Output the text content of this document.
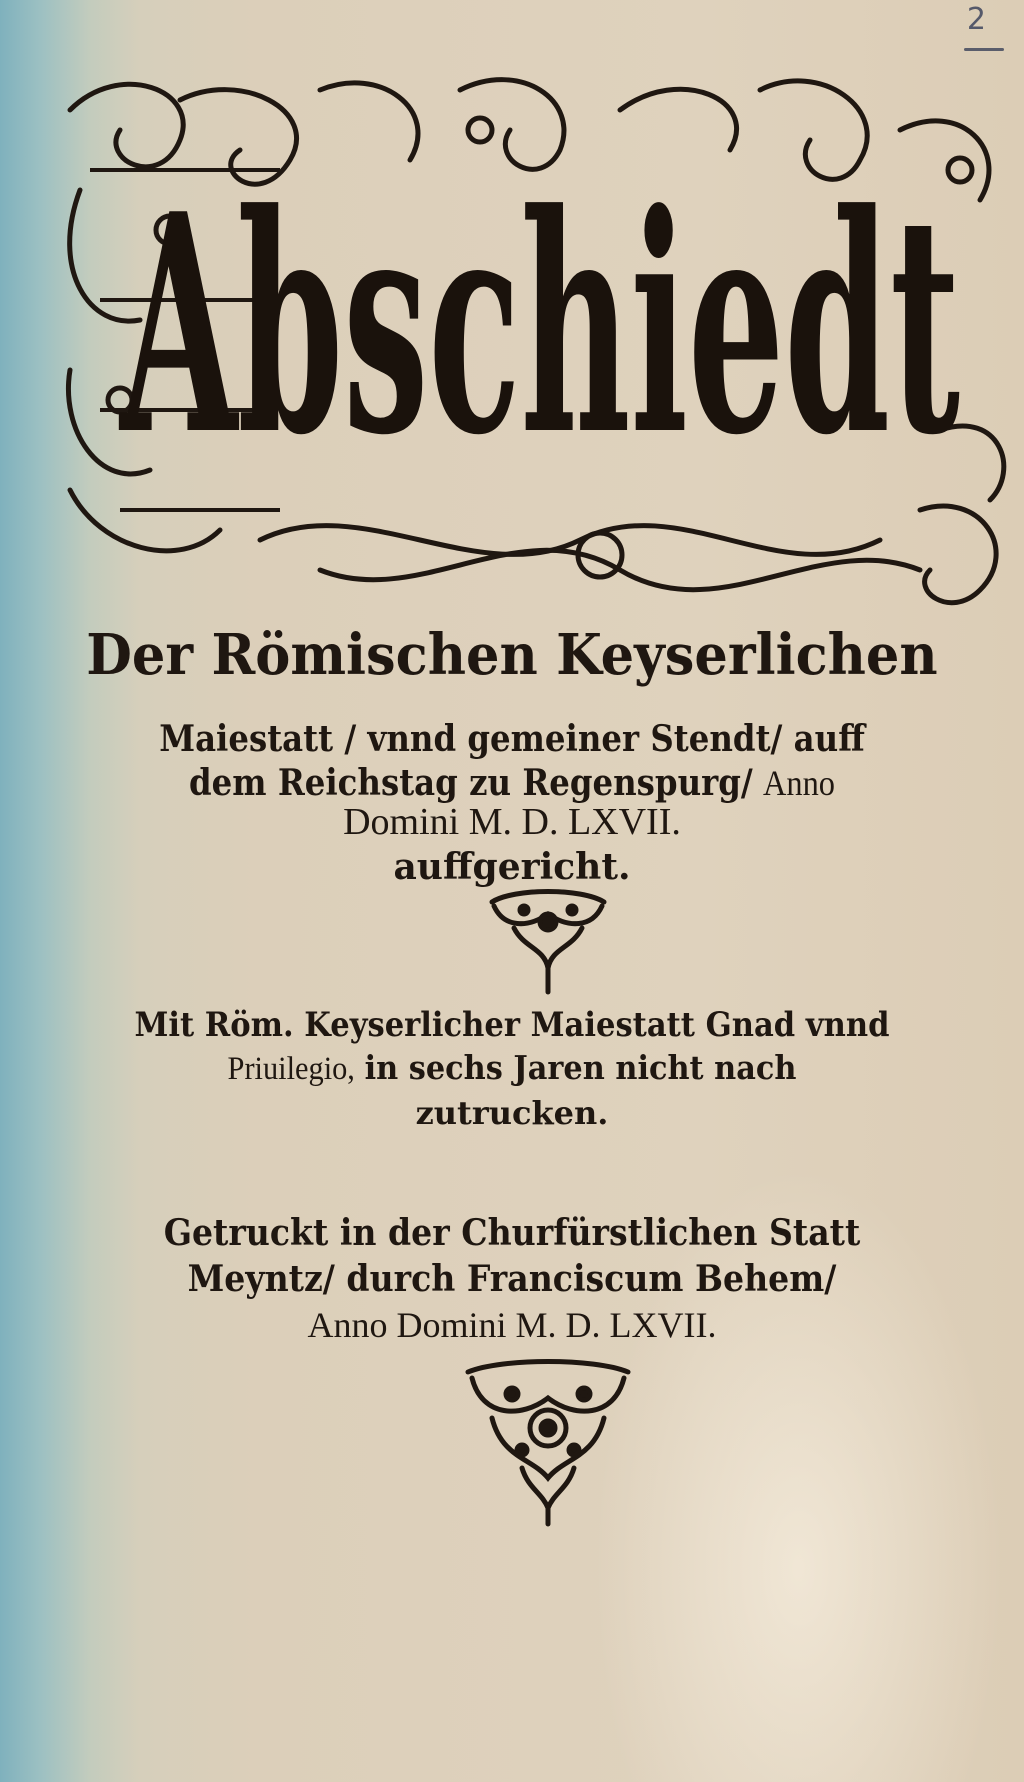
2
Abschiedt
Der Römischen Keyserlichen
Maiestatt / vnnd gemeiner Stendt/ auff
dem Reichstag zu Regenspurg/ Anno
Domini M. D. LXVII.
auffgericht.
Mit Röm. Keyserlicher Maiestatt Gnad vnnd
Priuilegio, in sechs Jaren nicht nach
zutrucken.
Getruckt in der Churfürstlichen Statt
Meyntz/ durch Franciscum Behem/
Anno Domini M. D. LXVII.
